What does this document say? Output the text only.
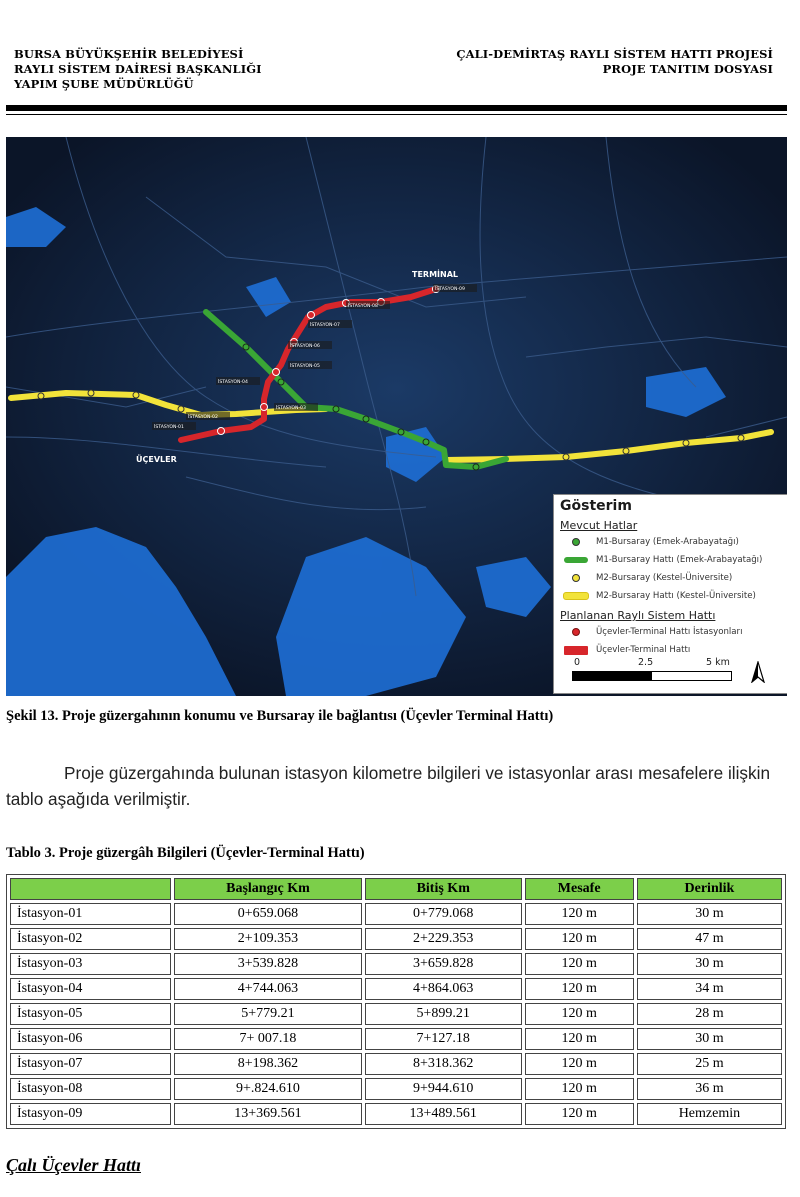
BURSA BÜYÜKŞEHİR BELEDİYESİ
RAYLI SİSTEM DAİRESİ BAŞKANLIĞI
YAPIM ŞUBE MÜDÜRLÜĞÜ
ÇALI-DEMİRTAŞ RAYLI SİSTEM HATTI PROJESİ
PROJE TANITIM DOSYASI
TERMİNAL
ÜÇEVLER
İSTASYON-01
İSTASYON-02
İSTASYON-03
İSTASYON-04
İSTASYON-05
İSTASYON-06
İSTASYON-07
İSTASYON-08
İSTASYON-09
Gösterim
Mevcut Hatlar
M1-Bursaray (Emek-Arabayatağı)
M1-Bursaray Hattı (Emek-Arabayatağı)
M2-Bursaray (Kestel-Üniversite)
M2-Bursaray Hattı (Kestel-Üniversite)
Planlanan Raylı Sistem Hattı
Üçevler-Terminal Hattı İstasyonları
Üçevler-Terminal Hattı
0	2.5	5 km
Şekil 13. Proje güzergahının konumu ve Bursaray ile bağlantısı (Üçevler Terminal Hattı)
Proje güzergahında bulunan istasyon kilometre bilgileri ve istasyonlar arası mesafelere ilişkin tablo aşağıda verilmiştir.
Tablo 3. Proje güzergâh Bilgileri (Üçevler-Terminal Hattı)
	Başlangıç Km	Bitiş Km	Mesafe	Derinlik
İstasyon-01	0+659.068	0+779.068	120 m	30 m
İstasyon-02	2+109.353	2+229.353	120 m	47 m
İstasyon-03	3+539.828	3+659.828	120 m	30 m
İstasyon-04	4+744.063	4+864.063	120 m	34 m
İstasyon-05	5+779.21	5+899.21	120 m	28 m
İstasyon-06	7+ 007.18	7+127.18	120 m	30 m
İstasyon-07	8+198.362	8+318.362	120 m	25 m
İstasyon-08	9+.824.610	9+944.610	120 m	36 m
İstasyon-09	13+369.561	13+489.561	120 m	Hemzemin
Çalı Üçevler Hattı
